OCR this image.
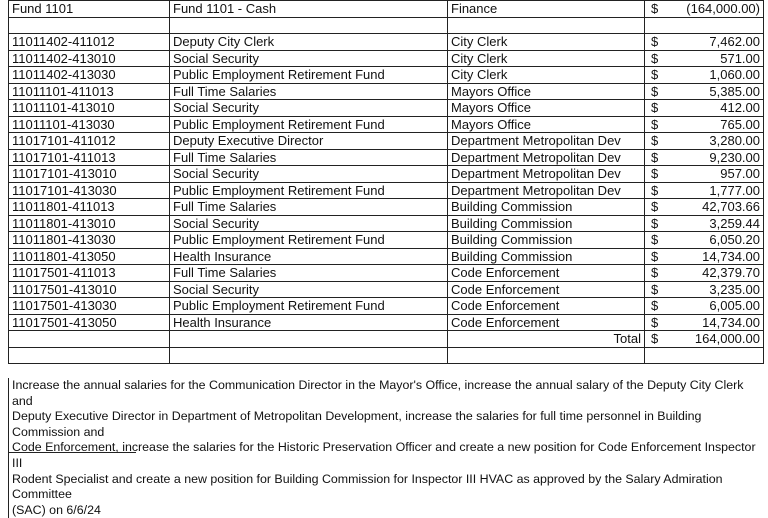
Fund 1101	Fund 1101 - Cash	Finance	$	(164,000.00)

11011402-411012	Deputy City Clerk	City Clerk	$	7,462.00
11011402-413010	Social Security	City Clerk	$	571.00
11011402-413030	Public Employment Retirement Fund	City Clerk	$	1,060.00
11011101-411013	Full Time Salaries	Mayors Office	$	5,385.00
11011101-413010	Social Security	Mayors Office	$	412.00
11011101-413030	Public Employment Retirement Fund	Mayors Office	$	765.00
11017101-411012	Deputy Executive Director	Department Metropolitan Dev	$	3,280.00
11017101-411013	Full Time Salaries	Department Metropolitan Dev	$	9,230.00
11017101-413010	Social Security	Department Metropolitan Dev	$	957.00
11017101-413030	Public Employment Retirement Fund	Department Metropolitan Dev	$	1,777.00
11011801-411013	Full Time Salaries	Building Commission	$	42,703.66
11011801-413010	Social Security	Building Commission	$	3,259.44
11011801-413030	Public Employment Retirement Fund	Building Commission	$	6,050.20
11011801-413050	Health Insurance	Building Commission	$	14,734.00
11017501-411013	Full Time Salaries	Code Enforcement	$	42,379.70
11017501-413010	Social Security	Code Enforcement	$	3,235.00
11017501-413030	Public Employment Retirement Fund	Code Enforcement	$	6,005.00
11017501-413050	Health Insurance	Code Enforcement	$	14,734.00
		Total	$	164,000.00

Increase the annual salaries for the Communication Director in the Mayor's Office, increase the annual salary of the Deputy City Clerk and
Deputy Executive Director in Department of Metropolitan Development, increase the salaries for full time personnel in Building Commission and
Code Enforcement, increase the salaries for the Historic Preservation Officer and create a new position for Code Enforcement Inspector III
Rodent Specialist and create a new position for Building Commission for Inspector III HVAC as approved by the Salary Admiration Committee
(SAC) on 6/6/24
